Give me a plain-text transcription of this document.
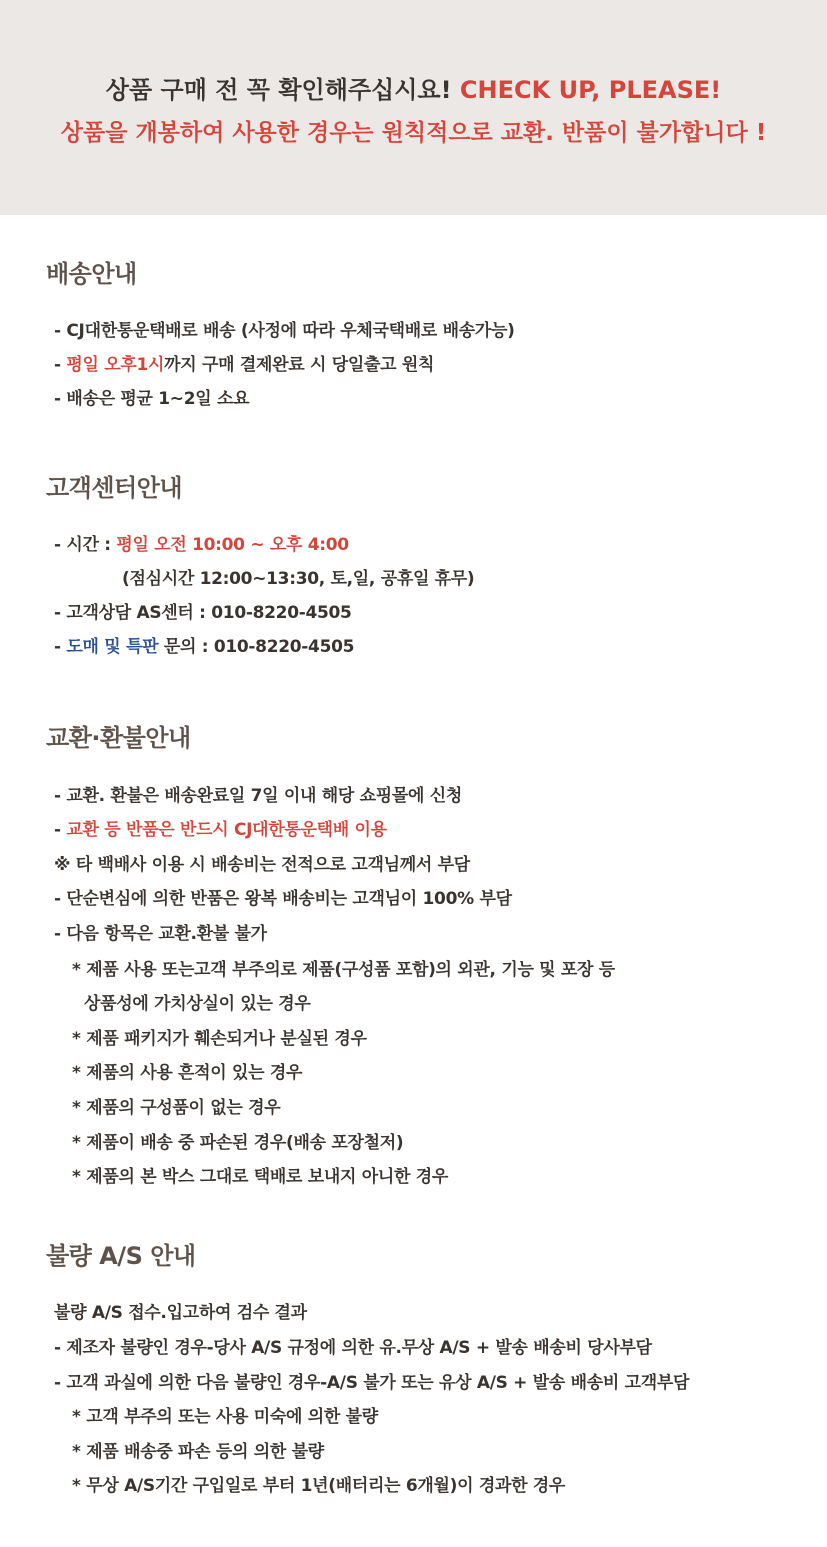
상품 구매 전 꼭 확인해주십시요! CHECK UP, PLEASE!
상품을 개봉하여 사용한 경우는 원칙적으로 교환. 반품이 불가합니다 !
배송안내
- CJ대한통운택배로 배송 (사정에 따라 우체국택배로 배송가능)
- 평일 오후1시까지 구매 결제완료 시 당일출고 원칙
- 배송은 평균 1~2일 소요
고객센터안내
- 시간 : 평일 오전 10:00 ~ 오후 4:00
(점심시간 12:00~13:30, 토,일, 공휴일 휴무)
- 고객상담 AS센터 : 010-8220-4505
- 도매 및 특판 문의 : 010-8220-4505
교환·환불안내
- 교환. 환불은 배송완료일 7일 이내 해당 쇼핑몰에 신청
- 교환 등 반품은 반드시 CJ대한통운택배 이용
※ 타 백배사 이용 시 배송비는 전적으로 고객님께서 부담
- 단순변심에 의한 반품은 왕복 배송비는 고객님이 100% 부담
- 다음 항목은 교환.환불 불가
* 제품 사용 또는고객 부주의로 제품(구성품 포함)의 외관, 기능 및 포장 등
상품성에 가치상실이 있는 경우
* 제품 패키지가 훼손되거나 분실된 경우
* 제품의 사용 흔적이 있는 경우
* 제품의 구성품이 없는 경우
* 제품이 배송 중 파손된 경우(배송 포장철저)
* 제품의 본 박스 그대로 택배로 보내지 아니한 경우
불량 A/S 안내
불량 A/S 접수.입고하여 검수 결과
- 제조자 불량인 경우-당사 A/S 규정에 의한 유.무상 A/S + 발송 배송비 당사부담
- 고객 과실에 의한 다음 불량인 경우-A/S 불가 또는 유상 A/S + 발송 배송비 고객부담
* 고객 부주의 또는 사용 미숙에 의한 불량
* 제품 배송중 파손 등의 의한 불량
* 무상 A/S기간 구입일로 부터 1년(배터리는 6개월)이 경과한 경우
